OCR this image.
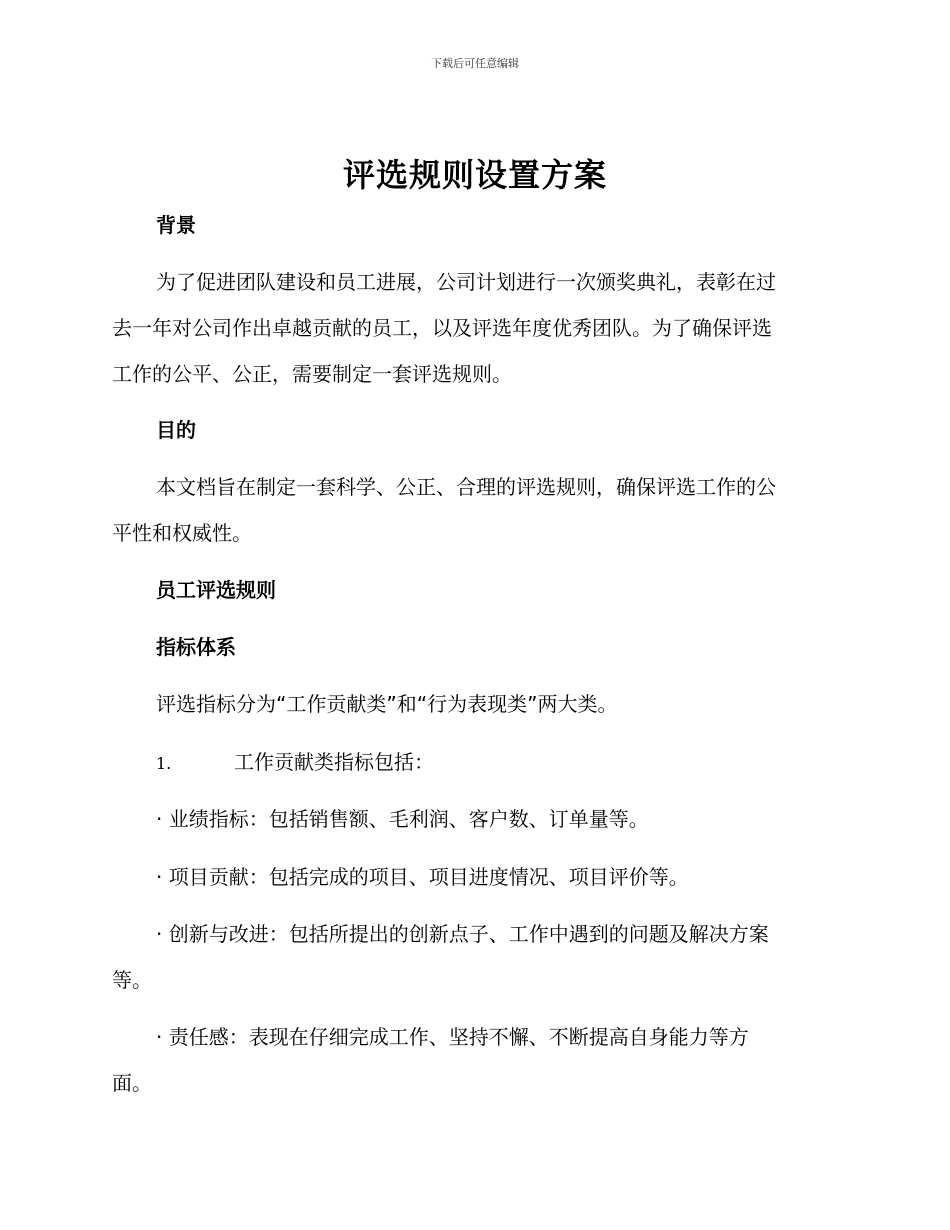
下载后可任意编辑
评选规则设置方案
背景
为了促进团队建设和员工进展，公司计划进行一次颁奖典礼，表彰在过
去一年对公司作出卓越贡献的员工，以及评选年度优秀团队。为了确保评选
工作的公平、公正，需要制定一套评选规则。
目的
本文档旨在制定一套科学、公正、合理的评选规则，确保评选工作的公
平性和权威性。
员工评选规则
指标体系
评选指标分为“工作贡献类”和“行为表现类”两大类。
1.	工作贡献类指标包括：
· 业绩指标：包括销售额、毛利润、客户数、订单量等。
· 项目贡献：包括完成的项目、项目进度情况、项目评价等。
· 创新与改进：包括所提出的创新点子、工作中遇到的问题及解决方案
等。
· 责任感：表现在仔细完成工作、坚持不懈、不断提高自身能力等方
面。
